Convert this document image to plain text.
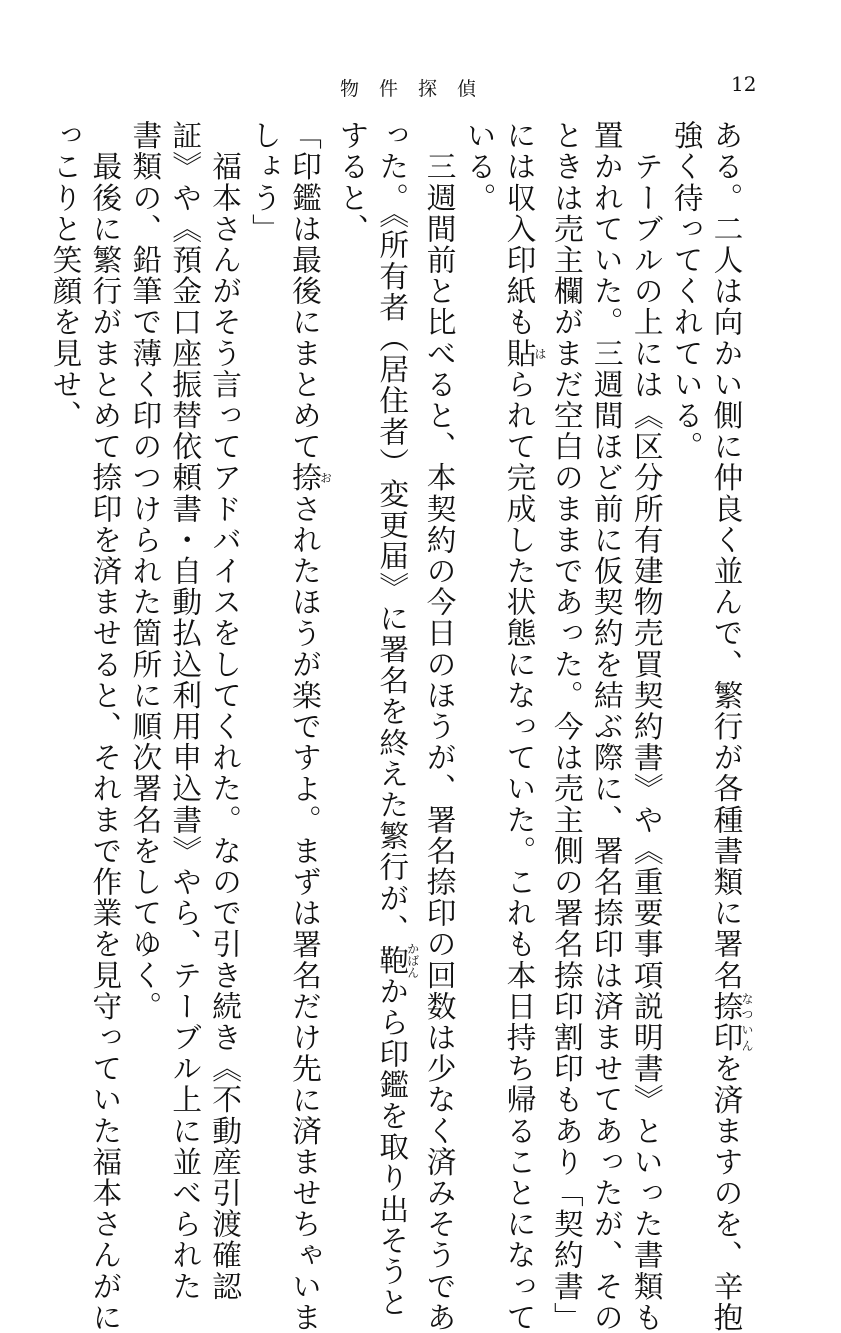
物件探偵	12
ある。二人は向かい側に仲良く並んで、繁行が各種書類に署名捺印なついんを済ますのを、辛抱
強く待ってくれている。
　テーブルの上には《区分所有建物売買契約書》や《重要事項説明書》といった書類も
置かれていた。三週間ほど前に仮契約を結ぶ際に、署名捺印は済ませてあったが、その
ときは売主欄がまだ空白のままであった。今は売主側の署名捺印割印もあり「契約書」
には収入印紙も貼はられて完成した状態になっていた。これも本日持ち帰ることになって
いる。
　三週間前と比べると、本契約の今日のほうが、署名捺印の回数は少なく済みそうであ
った。《所有者（居住者）変更届》に署名を終えた繁行が、鞄かばんから印鑑を取り出そうと
すると、
「印鑑は最後にまとめて捺おされたほうが楽ですよ。まずは署名だけ先に済ませちゃいま
しょう」
　福本さんがそう言ってアドバイスをしてくれた。なので引き続き《不動産引渡確認
証》や《預金口座振替依頼書・自動払込利用申込書》やら、テーブル上に並べられた
書類の、鉛筆で薄く印のつけられた箇所に順次署名をしてゆく。
　最後に繁行がまとめて捺印を済ませると、それまで作業を見守っていた福本さんがに
っこりと笑顔を見せ、
